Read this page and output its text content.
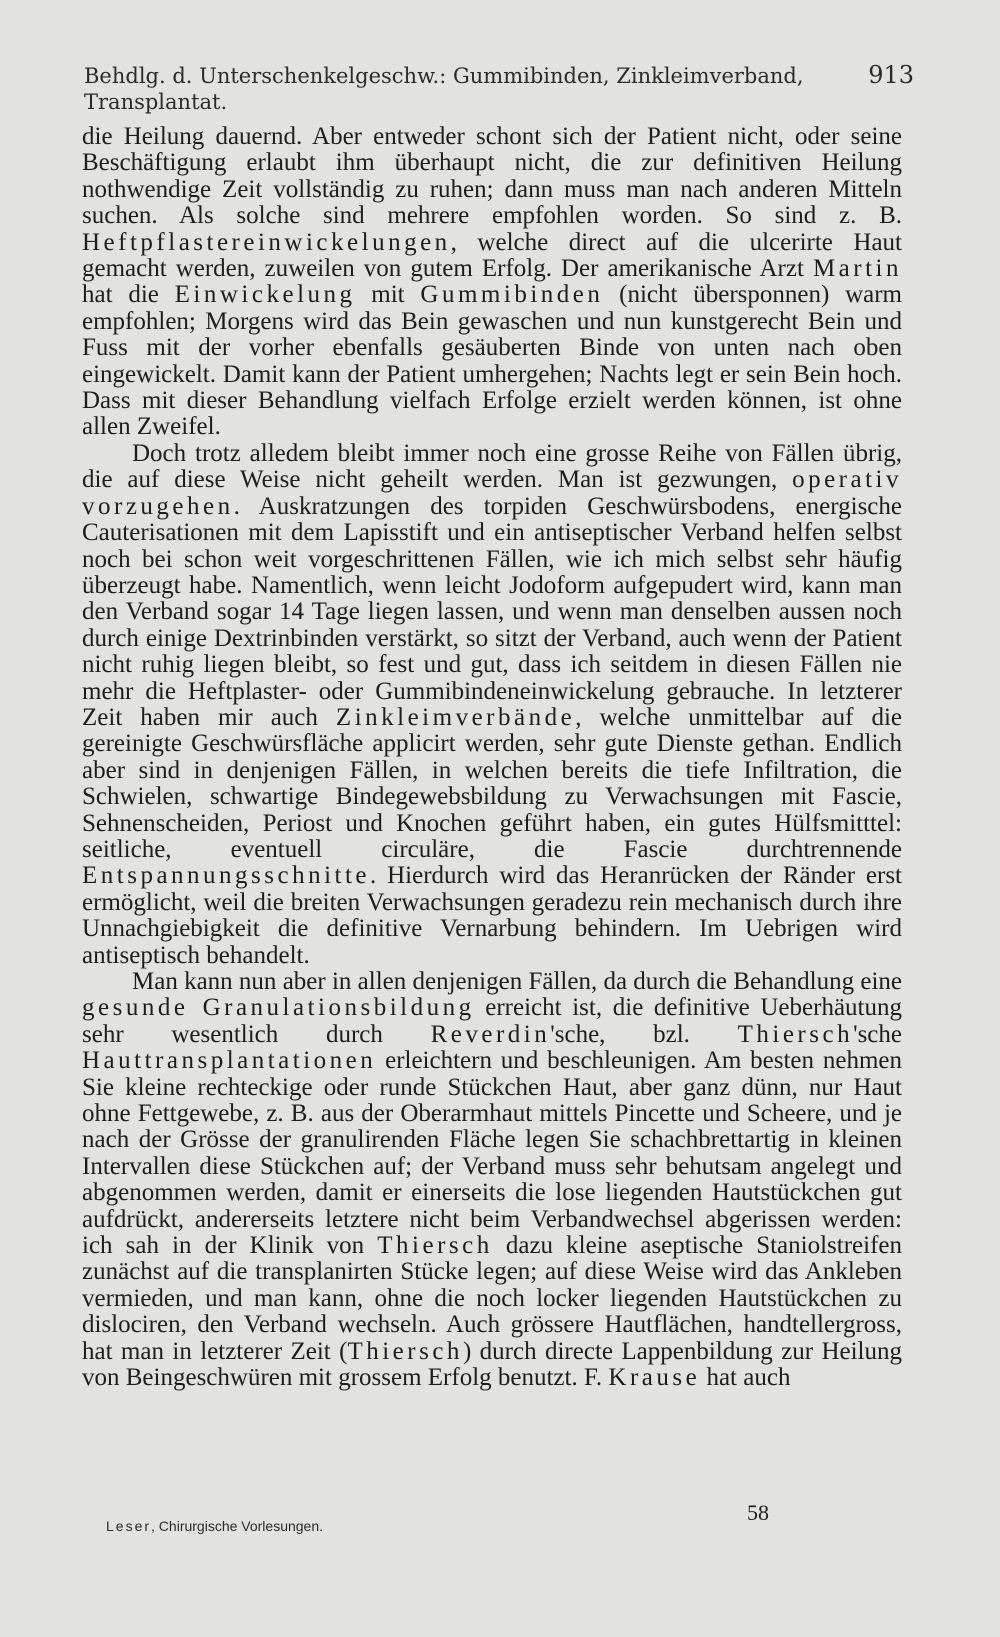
Behdlg. d. Unterschenkelgeschw.: Gummibinden, Zinkleimverband, Transplantat.
913

die Heilung dauernd. Aber entweder schont sich der Patient nicht, oder seine Beschäftigung erlaubt ihm überhaupt nicht, die zur definitiven Heilung nothwendige Zeit vollständig zu ruhen; dann muss man nach anderen Mitteln suchen. Als solche sind mehrere empfohlen worden. So sind z. B. Heftpflastereinwickelungen, welche direct auf die ulcerirte Haut gemacht werden, zuweilen von gutem Erfolg. Der amerikanische Arzt Martin hat die Einwickelung mit Gummibinden (nicht übersponnen) warm empfohlen; Morgens wird das Bein gewaschen und nun kunstgerecht Bein und Fuss mit der vorher ebenfalls gesäuberten Binde von unten nach oben eingewickelt. Damit kann der Patient umhergehen; Nachts legt er sein Bein hoch. Dass mit dieser Behandlung vielfach Erfolge erzielt werden können, ist ohne allen Zweifel.

Doch trotz alledem bleibt immer noch eine grosse Reihe von Fällen übrig, die auf diese Weise nicht geheilt werden. Man ist gezwungen, operativ vorzugehen. Auskratzungen des torpiden Geschwürsbodens, energische Cauterisationen mit dem Lapisstift und ein antiseptischer Verband helfen selbst noch bei schon weit vorgeschrittenen Fällen, wie ich mich selbst sehr häufig überzeugt habe. Namentlich, wenn leicht Jodoform aufgepudert wird, kann man den Verband sogar 14 Tage liegen lassen, und wenn man denselben aussen noch durch einige Dextrinbinden verstärkt, so sitzt der Verband, auch wenn der Patient nicht ruhig liegen bleibt, so fest und gut, dass ich seitdem in diesen Fällen nie mehr die Heftplaster- oder Gummibindeneinwickelung gebrauche. In letzterer Zeit haben mir auch Zinkleimverbände, welche unmittelbar auf die gereinigte Geschwürsfläche applicirt werden, sehr gute Dienste gethan. Endlich aber sind in denjenigen Fällen, in welchen bereits die tiefe Infiltration, die Schwielen, schwartige Bindegewebsbildung zu Verwachsungen mit Fascie, Sehnenscheiden, Periost und Knochen geführt haben, ein gutes Hülfsmitttel: seitliche, eventuell circuläre, die Fascie durchtrennende Entspannungsschnitte. Hierdurch wird das Heranrücken der Ränder erst ermöglicht, weil die breiten Verwachsungen geradezu rein mechanisch durch ihre Unnachgiebigkeit die definitive Vernarbung behindern. Im Uebrigen wird antiseptisch behandelt.

Man kann nun aber in allen denjenigen Fällen, da durch die Behandlung eine gesunde Granulationsbildung erreicht ist, die definitive Ueberhäutung sehr wesentlich durch Reverdin'sche, bzl. Thiersch'sche Hauttransplantationen erleichtern und beschleunigen. Am besten nehmen Sie kleine rechteckige oder runde Stückchen Haut, aber ganz dünn, nur Haut ohne Fettgewebe, z. B. aus der Oberarmhaut mittels Pincette und Scheere, und je nach der Grösse der granulirenden Fläche legen Sie schachbrettartig in kleinen Intervallen diese Stückchen auf; der Verband muss sehr behutsam angelegt und abgenommen werden, damit er einerseits die lose liegenden Hautstückchen gut aufdrückt, andererseits letztere nicht beim Verbandwechsel abgerissen werden: ich sah in der Klinik von Thiersch dazu kleine aseptische Staniolstreifen zunächst auf die transplanirten Stücke legen; auf diese Weise wird das Ankleben vermieden, und man kann, ohne die noch locker liegenden Hautstückchen zu dislociren, den Verband wechseln. Auch grössere Hautflächen, handtellergross, hat man in letzterer Zeit (Thiersch) durch directe Lappenbildung zur Heilung von Beingeschwüren mit grossem Erfolg benutzt. F. Krause hat auch

58
Leser, Chirurgische Vorlesungen.
